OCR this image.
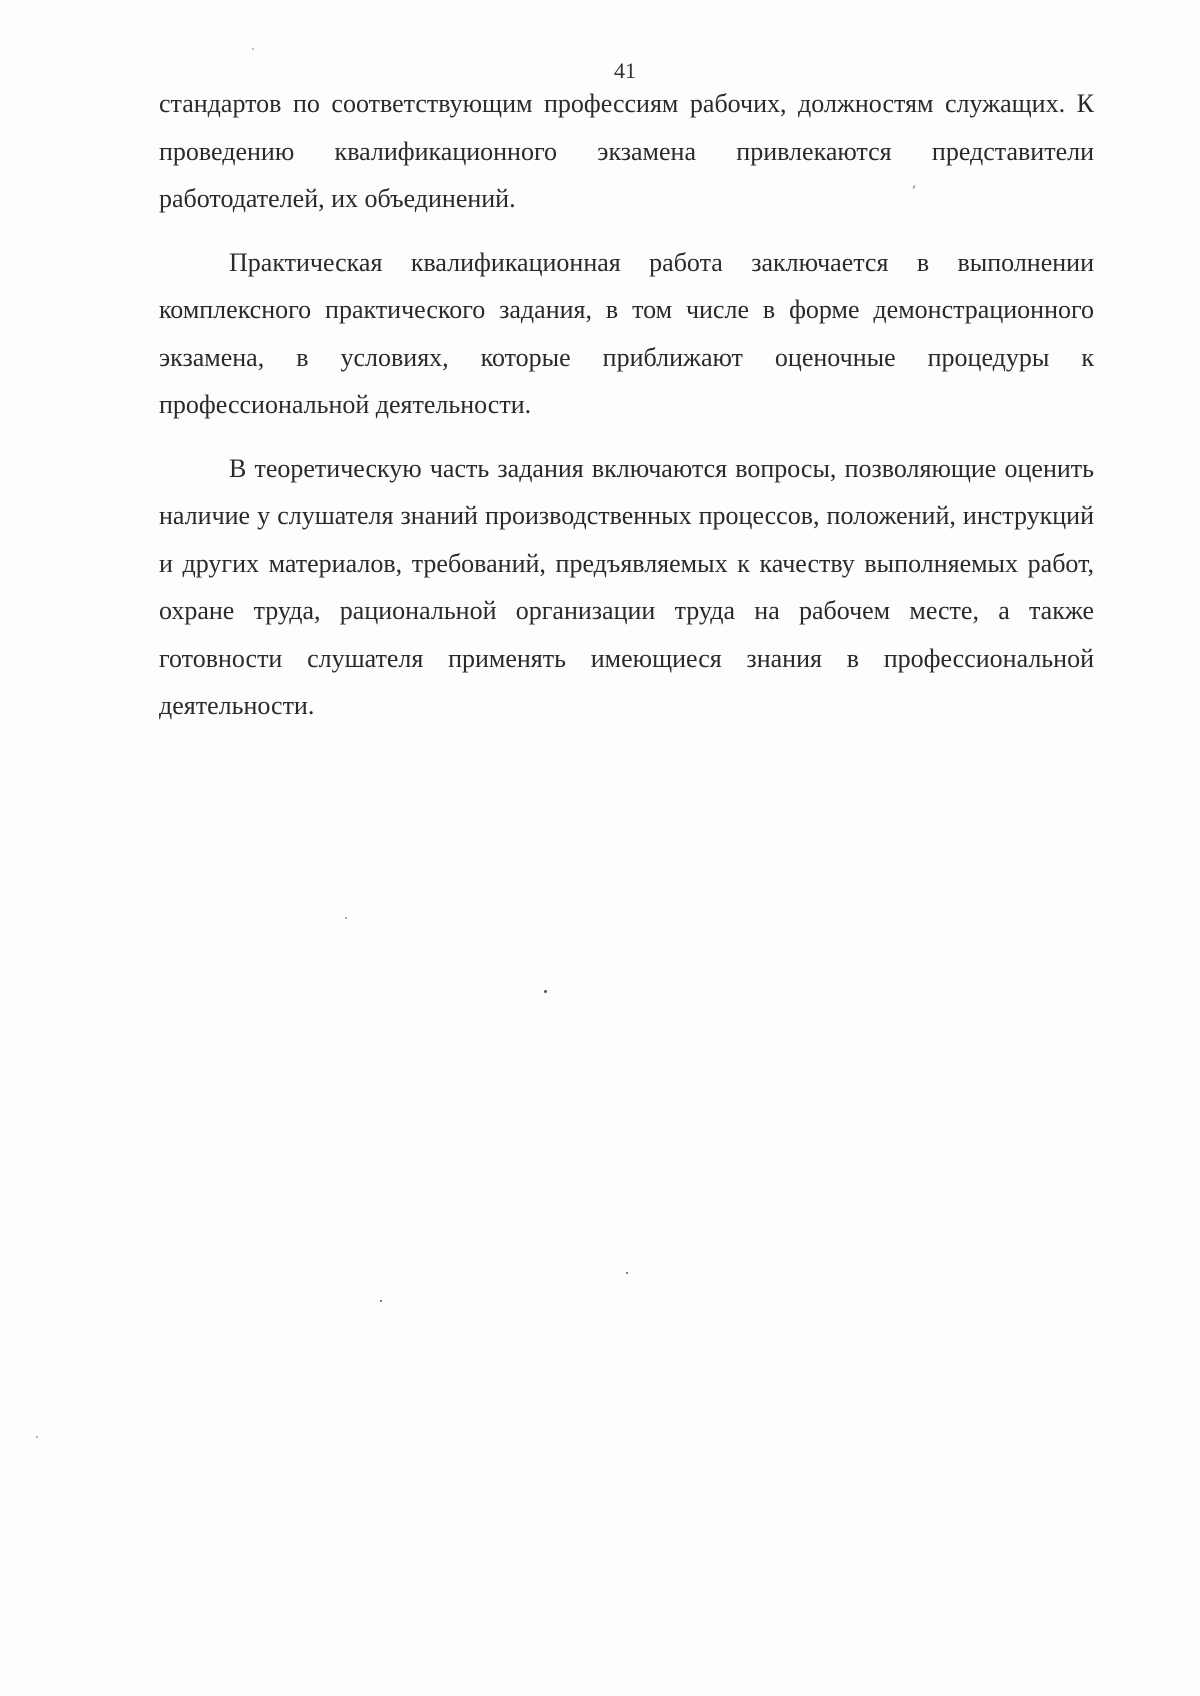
41

стандартов по соответствующим профессиям рабочих, должностям служащих. К проведению квалификационного экзамена привлекаются представители работодателей, их объединений.

Практическая квалификационная работа заключается в выполнении комплексного практического задания, в том числе в форме демонстрационного экзамена, в условиях, которые приближают оценочные процедуры к профессиональной деятельности.

В теоретическую часть задания включаются вопросы, позволяющие оценить наличие у слушателя знаний производственных процессов, положений, инструкций и других материалов, требований, предъявляемых к качеству выполняемых работ, охране труда, рациональной организации труда на рабочем месте, а также готовности слушателя применять имеющиеся знания в профессиональной деятельности.
